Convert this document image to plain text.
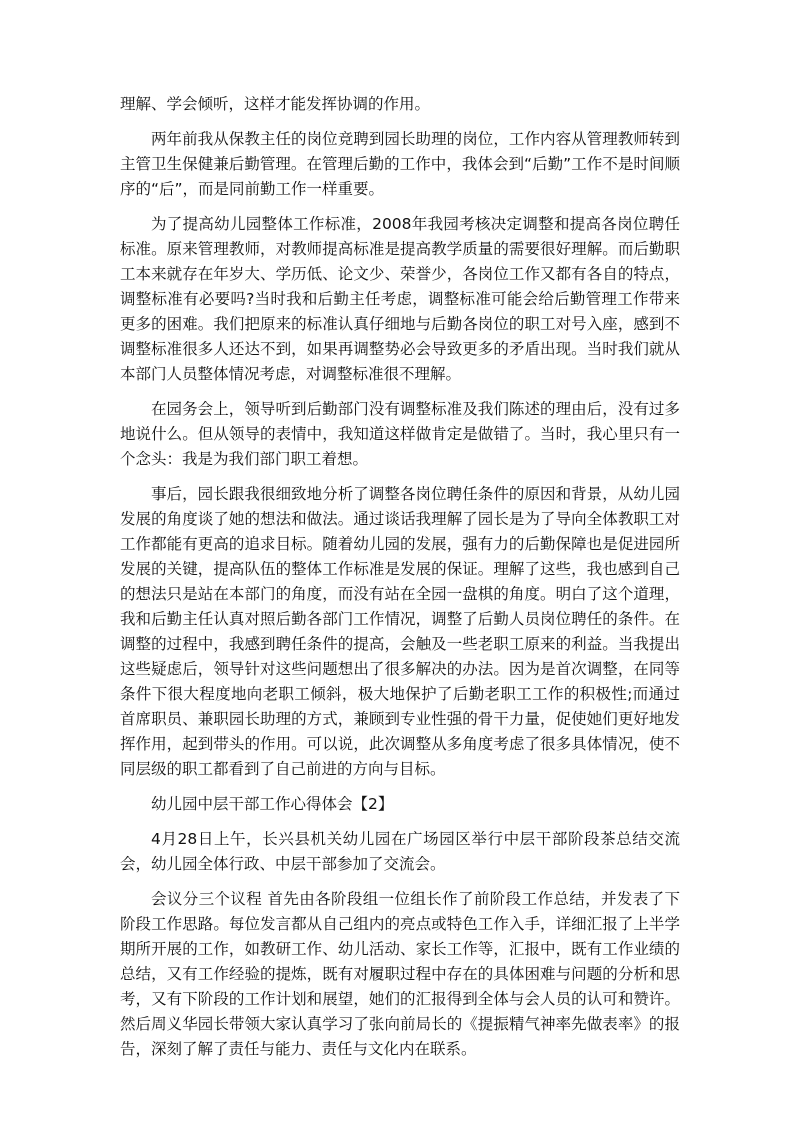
理解、学会倾听，这样才能发挥协调的作用。

两年前我从保教主任的岗位竞聘到园长助理的岗位，工作内容从管理教师转到主管卫生保健兼后勤管理。在管理后勤的工作中，我体会到“后勤”工作不是时间顺序的“后”，而是同前勤工作一样重要。

为了提高幼儿园整体工作标准，2008年我园考核决定调整和提高各岗位聘任标准。原来管理教师，对教师提高标准是提高教学质量的需要很好理解。而后勤职工本来就存在年岁大、学历低、论文少、荣誉少，各岗位工作又都有各自的特点，调整标准有必要吗?当时我和后勤主任考虑，调整标准可能会给后勤管理工作带来更多的困难。我们把原来的标准认真仔细地与后勤各岗位的职工对号入座，感到不调整标准很多人还达不到，如果再调整势必会导致更多的矛盾出现。当时我们就从本部门人员整体情况考虑，对调整标准很不理解。

在园务会上，领导听到后勤部门没有调整标准及我们陈述的理由后，没有过多地说什么。但从领导的表情中，我知道这样做肯定是做错了。当时，我心里只有一个念头：我是为我们部门职工着想。

事后，园长跟我很细致地分析了调整各岗位聘任条件的原因和背景，从幼儿园发展的角度谈了她的想法和做法。通过谈话我理解了园长是为了导向全体教职工对工作都能有更高的追求目标。随着幼儿园的发展，强有力的后勤保障也是促进园所发展的关键，提高队伍的整体工作标准是发展的保证。理解了这些，我也感到自己的想法只是站在本部门的角度，而没有站在全园一盘棋的角度。明白了这个道理，我和后勤主任认真对照后勤各部门工作情况，调整了后勤人员岗位聘任的条件。在调整的过程中，我感到聘任条件的提高，会触及一些老职工原来的利益。当我提出这些疑虑后，领导针对这些问题想出了很多解决的办法。因为是首次调整，在同等条件下很大程度地向老职工倾斜，极大地保护了后勤老职工工作的积极性;而通过首席职员、兼职园长助理的方式，兼顾到专业性强的骨干力量，促使她们更好地发挥作用，起到带头的作用。可以说，此次调整从多角度考虑了很多具体情况，使不同层级的职工都看到了自己前进的方向与目标。

幼儿园中层干部工作心得体会【2】

4月28日上午，长兴县机关幼儿园在广场园区举行中层干部阶段茶总结交流会，幼儿园全体行政、中层干部参加了交流会。

会议分三个议程 首先由各阶段组一位组长作了前阶段工作总结，并发表了下阶段工作思路。每位发言都从自己组内的亮点或特色工作入手，详细汇报了上半学期所开展的工作，如教研工作、幼儿活动、家长工作等，汇报中，既有工作业绩的总结，又有工作经验的提炼，既有对履职过程中存在的具体困难与问题的分析和思考，又有下阶段的工作计划和展望，她们的汇报得到全体与会人员的认可和赞许。然后周义华园长带领大家认真学习了张向前局长的《提振精气神率先做表率》的报告，深刻了解了责任与能力、责任与文化内在联系。
